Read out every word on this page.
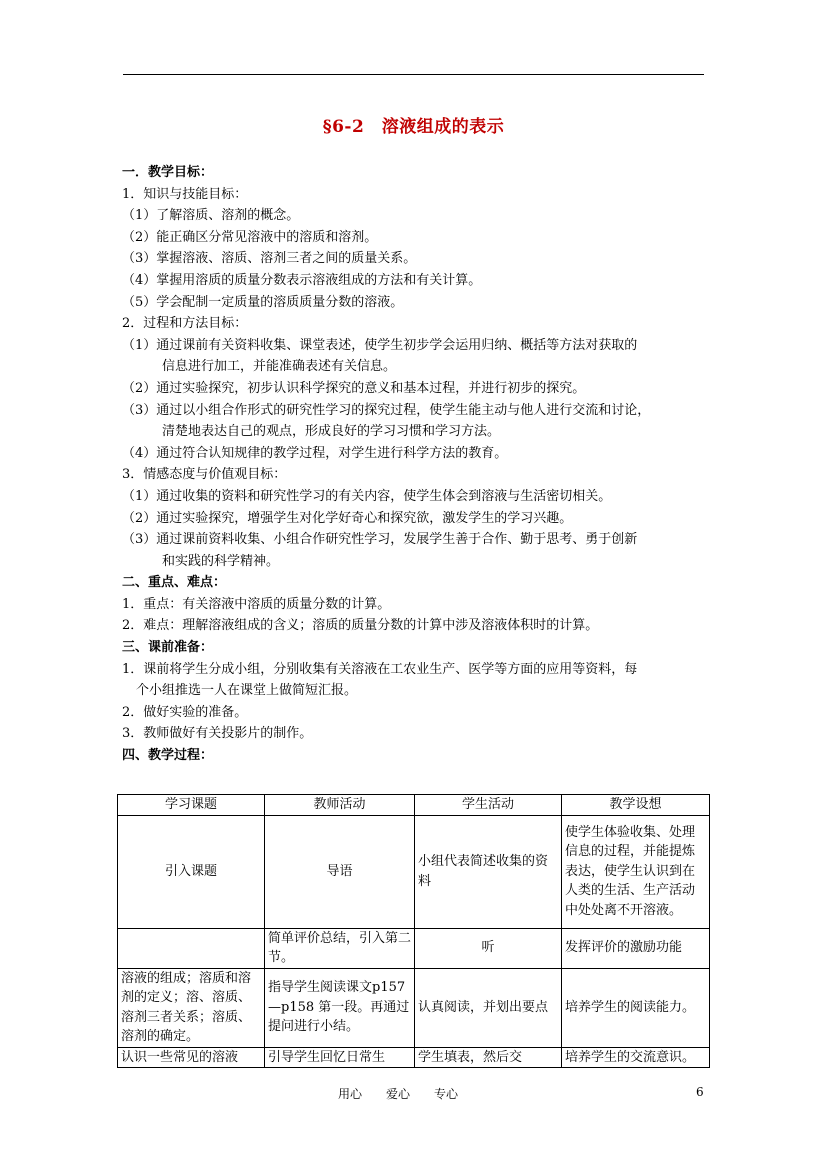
§6-2　溶液组成的表示
一．教学目标：
1．知识与技能目标：
（1）了解溶质、溶剂的概念。
（2）能正确区分常见溶液中的溶质和溶剂。
（3）掌握溶液、溶质、溶剂三者之间的质量关系。
（4）掌握用溶质的质量分数表示溶液组成的方法和有关计算。
（5）学会配制一定质量的溶质质量分数的溶液。
2．过程和方法目标：
（1）通过课前有关资料收集、课堂表述，使学生初步学会运用归纳、概括等方法对获取的
信息进行加工，并能准确表述有关信息。
（2）通过实验探究，初步认识科学探究的意义和基本过程，并进行初步的探究。
（3）通过以小组合作形式的研究性学习的探究过程，使学生能主动与他人进行交流和讨论，
清楚地表达自己的观点，形成良好的学习习惯和学习方法。
（4）通过符合认知规律的教学过程，对学生进行科学方法的教育。
3．情感态度与价值观目标：
（1）通过收集的资料和研究性学习的有关内容，使学生体会到溶液与生活密切相关。
（2）通过实验探究，增强学生对化学好奇心和探究欲，激发学生的学习兴趣。
（3）通过课前资料收集、小组合作研究性学习，发展学生善于合作、勤于思考、勇于创新
和实践的科学精神。
二、重点、难点：
1．重点：有关溶液中溶质的质量分数的计算。
2．难点：理解溶液组成的含义；溶质的质量分数的计算中涉及溶液体积时的计算。
三、课前准备：
1．课前将学生分成小组，分别收集有关溶液在工农业生产、医学等方面的应用等资料，每
个小组推选一人在课堂上做简短汇报。
2．做好实验的准备。
3．教师做好有关投影片的制作。
四、教学过程：
学习课题	教师活动	学生活动	教学设想
引入课题	导语	小组代表简述收集的资料	使学生体验收集、处理信息的过程，并能提炼表达，使学生认识到在人类的生活、生产活动中处处离不开溶液。
	简单评价总结，引入第二节。	听	发挥评价的激励功能
溶液的组成；溶质和溶剂的定义；溶、溶质、溶剂三者关系；溶质、溶剂的确定。	指导学生阅读课文p157—p158 第一段。再通过提问进行小结。	认真阅读，并划出要点	培养学生的阅读能力。
认识一些常见的溶液	引导学生回忆日常生	学生填表，然后交	培养学生的交流意识。
用心　　爱心　　专心	6
